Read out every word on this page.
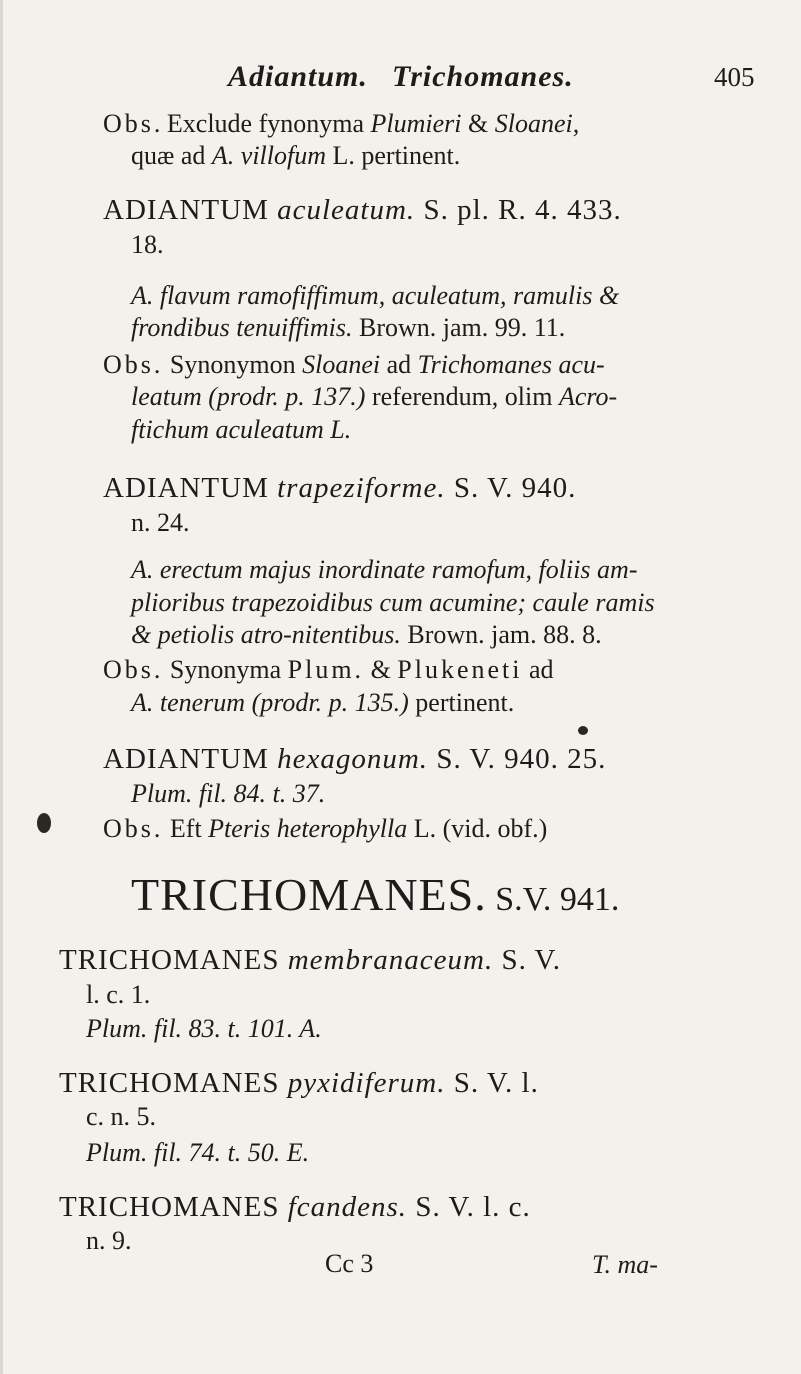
Adiantum. Trichomanes.	405
Obs. Exclude fynonyma Plumieri & Sloanei,
quæ ad A. villofum L. pertinent.
ADIANTUM aculeatum. S. pl. R. 4. 433.
18.
A. flavum ramofiffimum, aculeatum, ramulis &
frondibus tenuiffimis. Brown. jam. 99. 11.
Obs. Synonymon Sloanei ad Trichomanes acu-
leatum (prodr. p. 137.) referendum, olim Acro-
ftichum aculeatum L.
ADIANTUM trapeziforme. S. V. 940.
n. 24.
A. erectum majus inordinate ramofum, foliis am-
plioribus trapezoidibus cum acumine; caule ramis
& petiolis atro-nitentibus. Brown. jam. 88. 8.
Obs. Synonyma Plum. & Plukeneti ad
A. tenerum (prodr. p. 135.) pertinent.
ADIANTUM hexagonum. S. V. 940. 25.
Plum. fil. 84. t. 37.
Obs. Eft Pteris heterophylla L. (vid. obf.)
TRICHOMANES. S.V. 941.
TRICHOMANES membranaceum. S. V.
l. c. 1.
Plum. fil. 83. t. 101. A.
TRICHOMANES pyxidiferum. S. V. l.
c. n. 5.
Plum. fil. 74. t. 50. E.
TRICHOMANES fcandens. S. V. l. c.
n. 9.
Cc 3	T. ma-
